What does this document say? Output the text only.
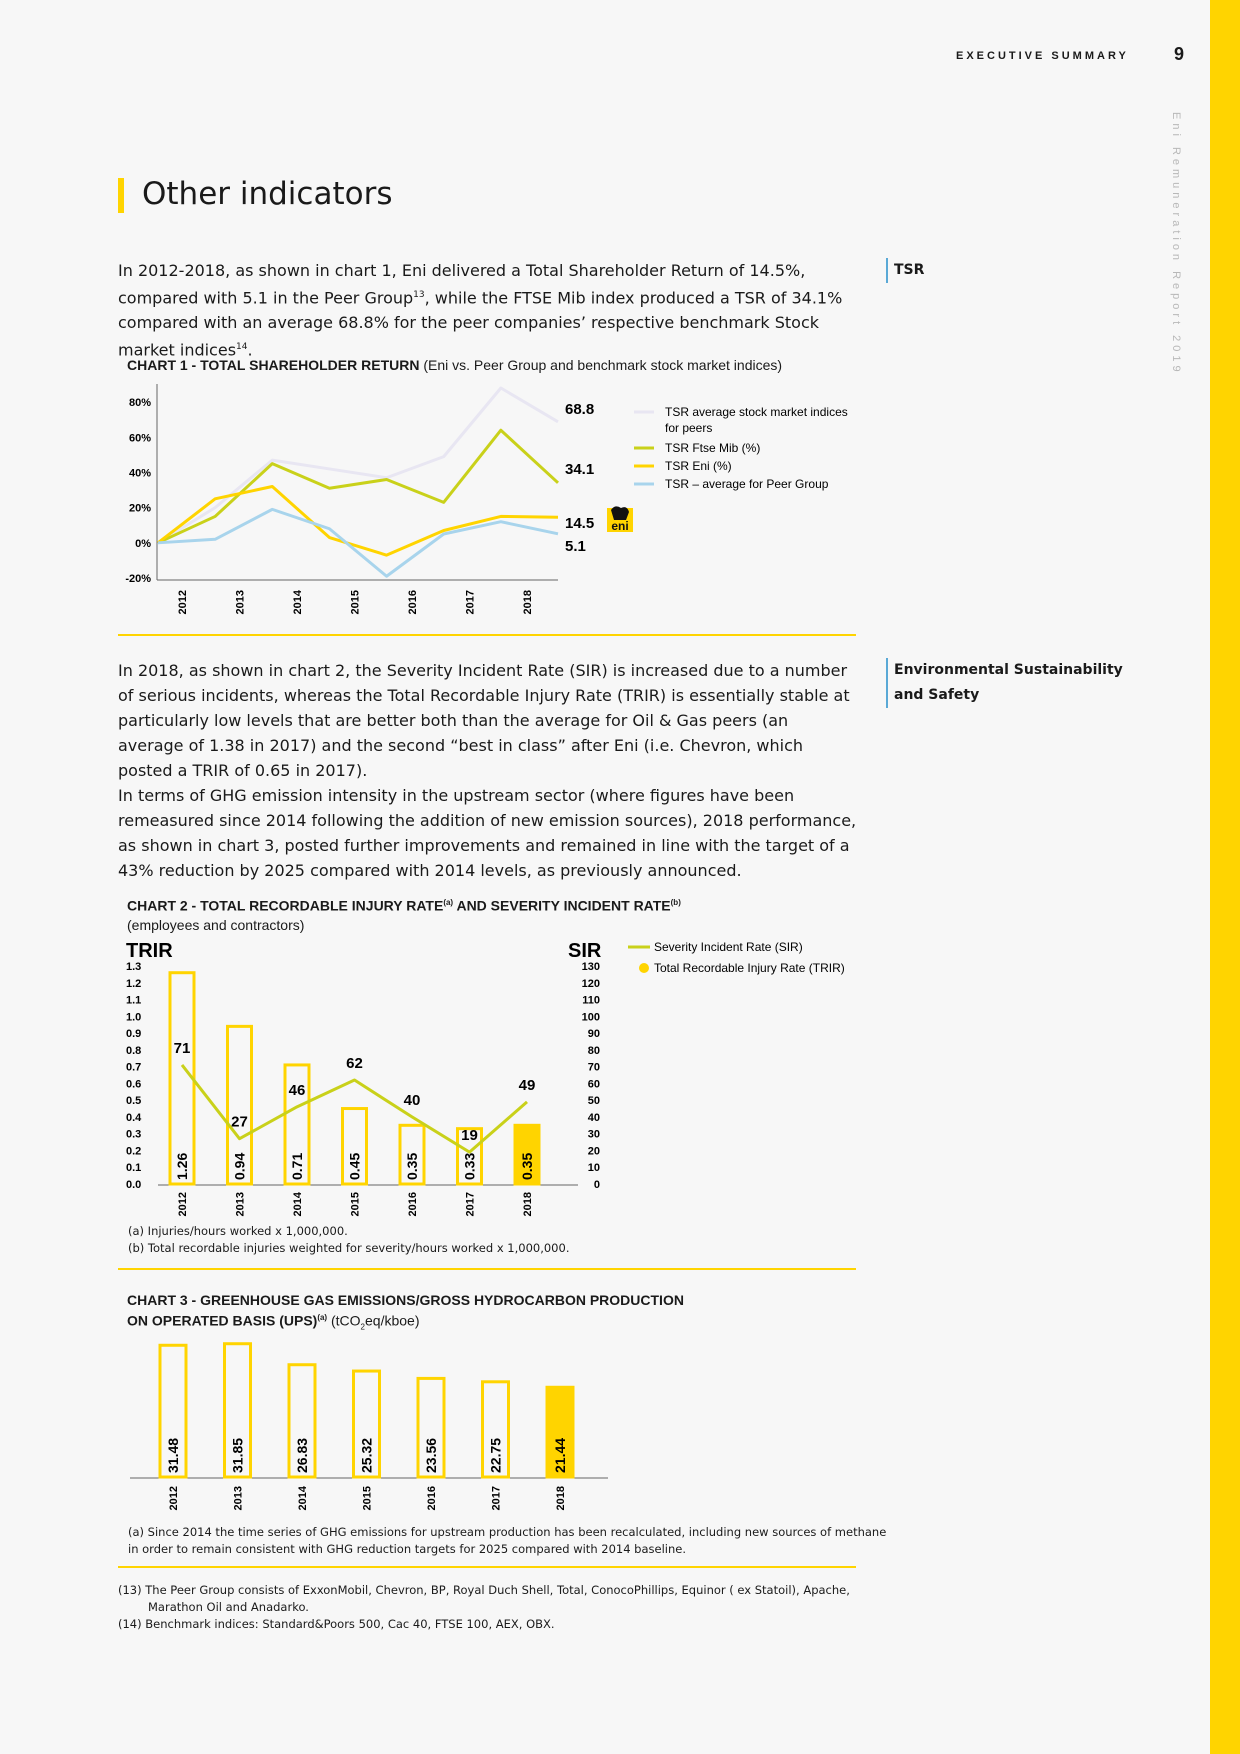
EXECUTIVE SUMMARY	9
Eni Remuneration Report 2019
Other indicators

In 2012-2018, as shown in chart 1, Eni delivered a Total Shareholder Return of 14.5%, compared with 5.1 in the Peer Group$^{13}$, while the FTSE Mib index produced a TSR of 34.1% compared with an average 68.8% for the peer companies’ respective benchmark Stock market indices$^{14}$.

TSR
CHART 1 - TOTAL SHAREHOLDER RETURN (Eni vs. Peer Group and benchmark stock market indices)
80%
60%
40%
20%
0%
-20%
2012	2013	2014	2015	2016	2017	2018
68.8
34.1
14.5
5.1
TSR average stock market indices
for peers
TSR Ftse Mib (%)
TSR Eni (%)
TSR – average for Peer Group
eni

In 2018, as shown in chart 2, the Severity Incident Rate (SIR) is increased due to a number of serious incidents, whereas the Total Recordable Injury Rate (TRIR) is essentially stable at particularly low levels that are better both than the average for Oil & Gas peers (an average of 1.38 in 2017) and the second “best in class” after Eni (i.e. Chevron, which posted a TRIR of 0.65 in 2017).

In terms of GHG emission intensity in the upstream sector (where figures have been remeasured since 2014 following the addition of new emission sources), 2018 performance, as shown in chart 3, posted further improvements and remained in line with the target of a 43% reduction by 2025 compared with 2014 levels, as previously announced.

Environmental Sustainability
and Safety
CHART 2 - TOTAL RECORDABLE INJURY RATE$^{(a)}$ AND SEVERITY INCIDENT RATE$^{(b)}$
(employees and contractors)
TRIR	SIR
1.3
1.2
1.1
1.0
0.9
0.8
0.7
0.6
0.5
0.4
0.3
0.2
0.1
0.0
130
120
110
100
90
80
70
60
50
40
30
20
10
0
2012	2013	2014	2015	2016	2017	2018
1.26	0.94	0.71	0.45	0.35	0.33	0.35
71
27
46
62
40
19
49
Severity Incident Rate (SIR)
Total Recordable Injury Rate (TRIR)
(a) Injuries/hours worked x 1,000,000.
(b) Total recordable injuries weighted for severity/hours worked x 1,000,000.
CHART 3 - GREENHOUSE GAS EMISSIONS/GROSS HYDROCARBON PRODUCTION
ON OPERATED BASIS (UPS)$^{(a)}$ (tCO$_2$eq/kboe)
31.48
2012
31.85
2013
26.83
2014
25.32
2015
23.56
2016
22.75
2017
21.44
2018
(a) Since 2014 the time series of GHG emissions for upstream production has been recalculated, including new sources of methane
in order to remain consistent with GHG reduction targets for 2025 compared with 2014 baseline.
(13) The Peer Group consists of ExxonMobil, Chevron, BP, Royal Duch Shell, Total, ConocoPhillips, Equinor ( ex Statoil), Apache, Marathon Oil and Anadarko.
(14) Benchmark indices: Standard&Poors 500, Cac 40, FTSE 100, AEX, OBX.
